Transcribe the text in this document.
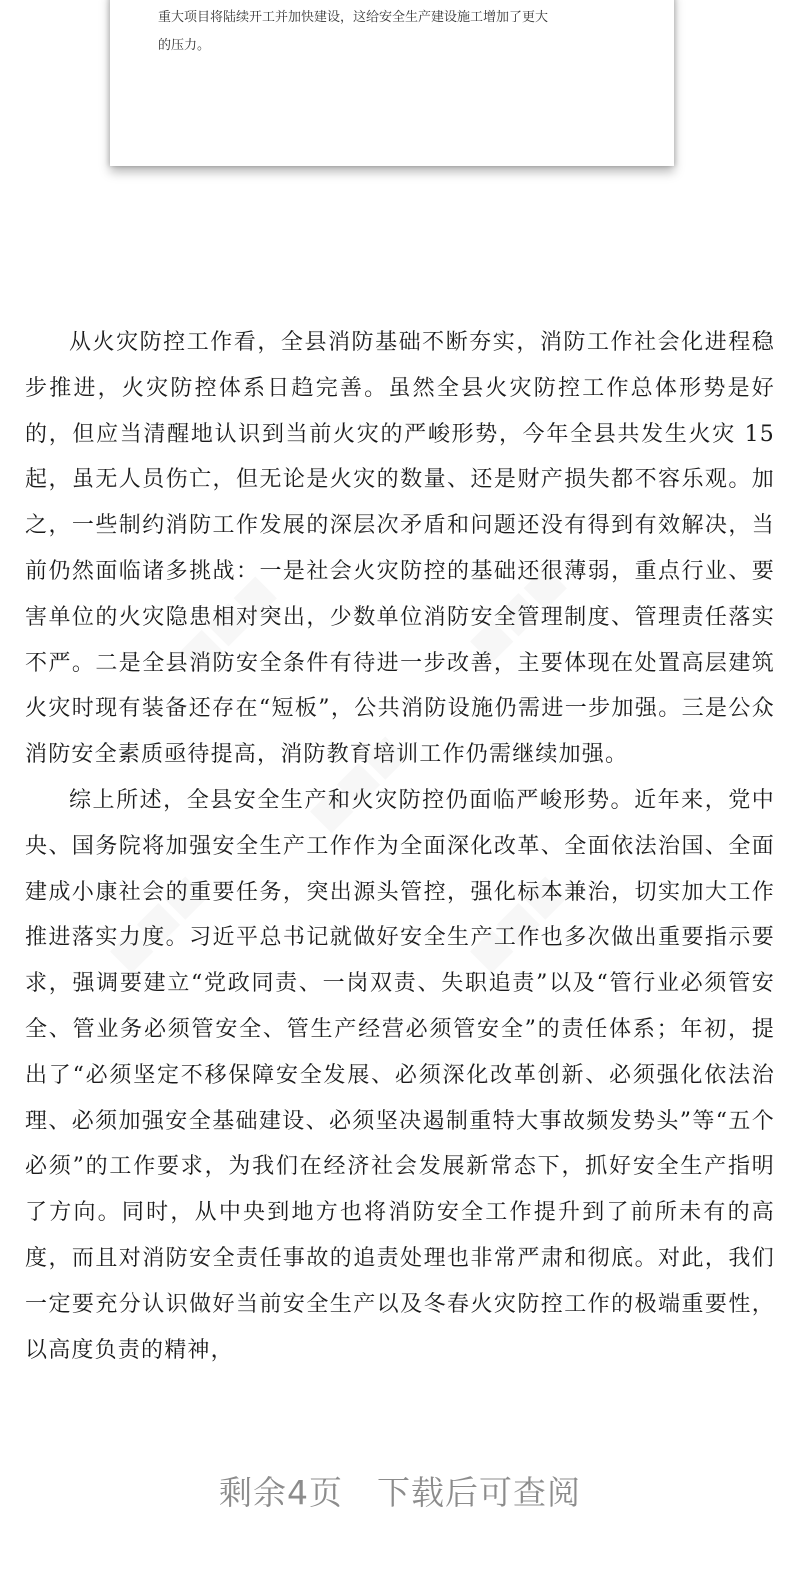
重大项目将陆续开工并加快建设，这给安全生产建设施工增加了更大
的压力。
■■■	■■■
■■■
■■■	■■■

从火灾防控工作看，全县消防基础不断夯实，消防工作社会化进程稳步推进，火灾防控体系日趋完善。虽然全县火灾防控工作总体形势是好的，但应当清醒地认识到当前火灾的严峻形势，今年全县共发生火灾 15 起，虽无人员伤亡，但无论是火灾的数量、还是财产损失都不容乐观。加之，一些制约消防工作发展的深层次矛盾和问题还没有得到有效解决，当前仍然面临诸多挑战：一是社会火灾防控的基础还很薄弱，重点行业、要害单位的火灾隐患相对突出，少数单位消防安全管理制度、管理责任落实不严。二是全县消防安全条件有待进一步改善，主要体现在处置高层建筑火灾时现有装备还存在“短板”，公共消防设施仍需进一步加强。三是公众消防安全素质亟待提高，消防教育培训工作仍需继续加强。

综上所述，全县安全生产和火灾防控仍面临严峻形势。近年来，党中央、国务院将加强安全生产工作作为全面深化改革、全面依法治国、全面建成小康社会的重要任务，突出源头管控，强化标本兼治，切实加大工作推进落实力度。习近平总书记就做好安全生产工作也多次做出重要指示要求，强调要建立“党政同责、一岗双责、失职追责”以及“管行业必须管安全、管业务必须管安全、管生产经营必须管安全”的责任体系；年初，提出了“必须坚定不移保障安全发展、必须深化改革创新、必须强化依法治理、必须加强安全基础建设、必须坚决遏制重特大事故频发势头”等“五个必须”的工作要求，为我们在经济社会发展新常态下，抓好安全生产指明了方向。同时，从中央到地方也将消防安全工作提升到了前所未有的高度，而且对消防安全责任事故的追责处理也非常严肃和彻底。对此，我们一定要充分认识做好当前安全生产以及冬春火灾防控工作的极端重要性，以高度负责的精神，

剩余4页 下载后可查阅
